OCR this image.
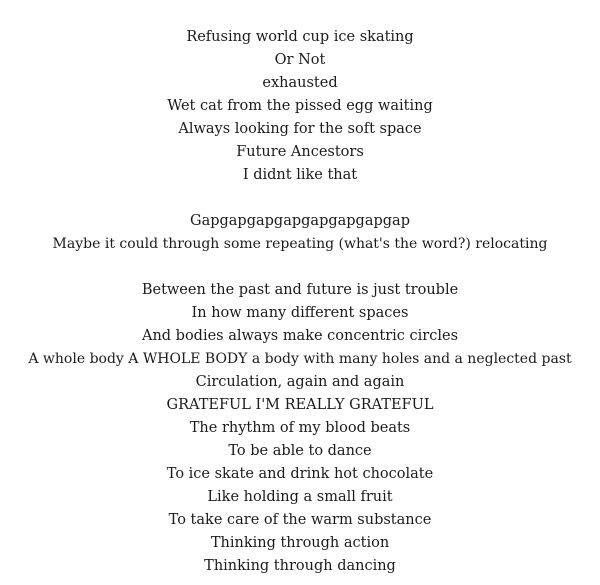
Refusing world cup ice skating
Or Not
exhausted
Wet cat from the pissed egg waiting
Always looking for the soft space
Future Ancestors
I didnt like that
Gapgapgapgapgapgapgapgap
Maybe it could through some repeating (what's the word?) relocating
Between the past and future is just trouble
In how many different spaces
And bodies always make concentric circles
A whole body A WHOLE BODY a body with many holes and a neglected past
Circulation, again and again
GRATEFUL I'M REALLY GRATEFUL
The rhythm of my blood beats
To be able to dance
To ice skate and drink hot chocolate
Like holding a small fruit
To take care of the warm substance
Thinking through action
Thinking through dancing
